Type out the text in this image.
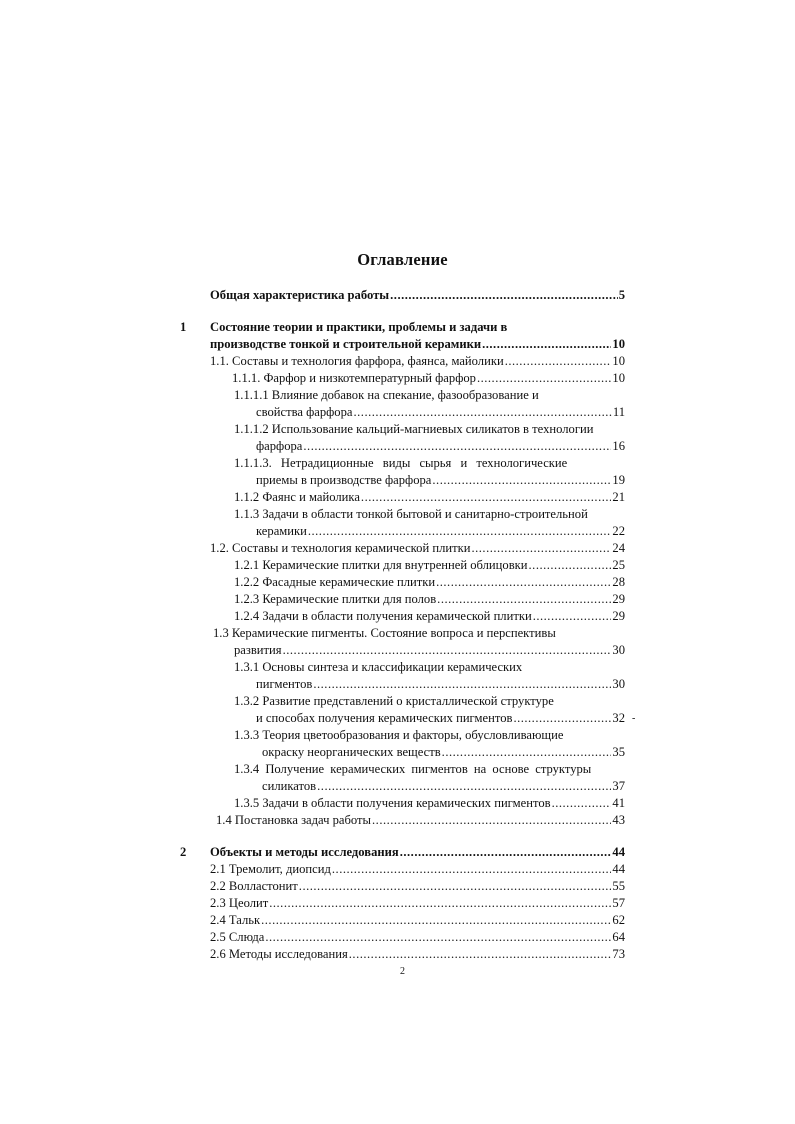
Оглавление
Общая характеристика работы .....	5
1 Состояние теории и практики, проблемы и задачи в
производстве тонкой и строительной керамики .....	10
1.1. Составы и технология фарфора, фаянса, майолики .....	10
1.1.1. Фарфор и низкотемпературный фарфор .....	10
1.1.1.1 Влияние добавок на спекание, фазообразование и
свойства фарфора .....	11
1.1.1.2 Использование кальций-магниевых силикатов в технологии
фарфора .....	16
1.1.1.3. Нетрадиционные виды сырья и технологические
приемы в производстве фарфора .....	19
1.1.2 Фаянс и майолика .....	21
1.1.3 Задачи в области тонкой бытовой и санитарно-строительной
керамики .....	22
1.2. Составы и технология керамической плитки .....	24
1.2.1 Керамические плитки для внутренней облицовки .....	25
1.2.2 Фасадные керамические плитки .....	28
1.2.3 Керамические плитки для полов .....	29
1.2.4 Задачи в области получения керамической плитки .....	29
1.3 Керамические пигменты. Состояние вопроса и перспективы
развития .....	30
1.3.1 Основы синтеза и классификации керамических
пигментов .....	30
1.3.2 Развитие представлений о кристаллической структуре
и способах получения керамических пигментов .....	32 -
1.3.3 Теория цветообразования и факторы, обусловливающие
окраску неорганических веществ .....	35
1.3.4 Получение керамических пигментов на основе структуры
силикатов .....	37
1.3.5 Задачи в области получения керамических пигментов .....	41
1.4 Постановка задач работы .....	43
2 Объекты и методы исследования .....	44
2.1 Тремолит, диопсид .....	44
2.2 Волластонит .....	55
2.3 Цеолит .....	57
2.4 Тальк .....	62
2.5 Слюда .....	64
2.6 Методы исследования .....	73
2
